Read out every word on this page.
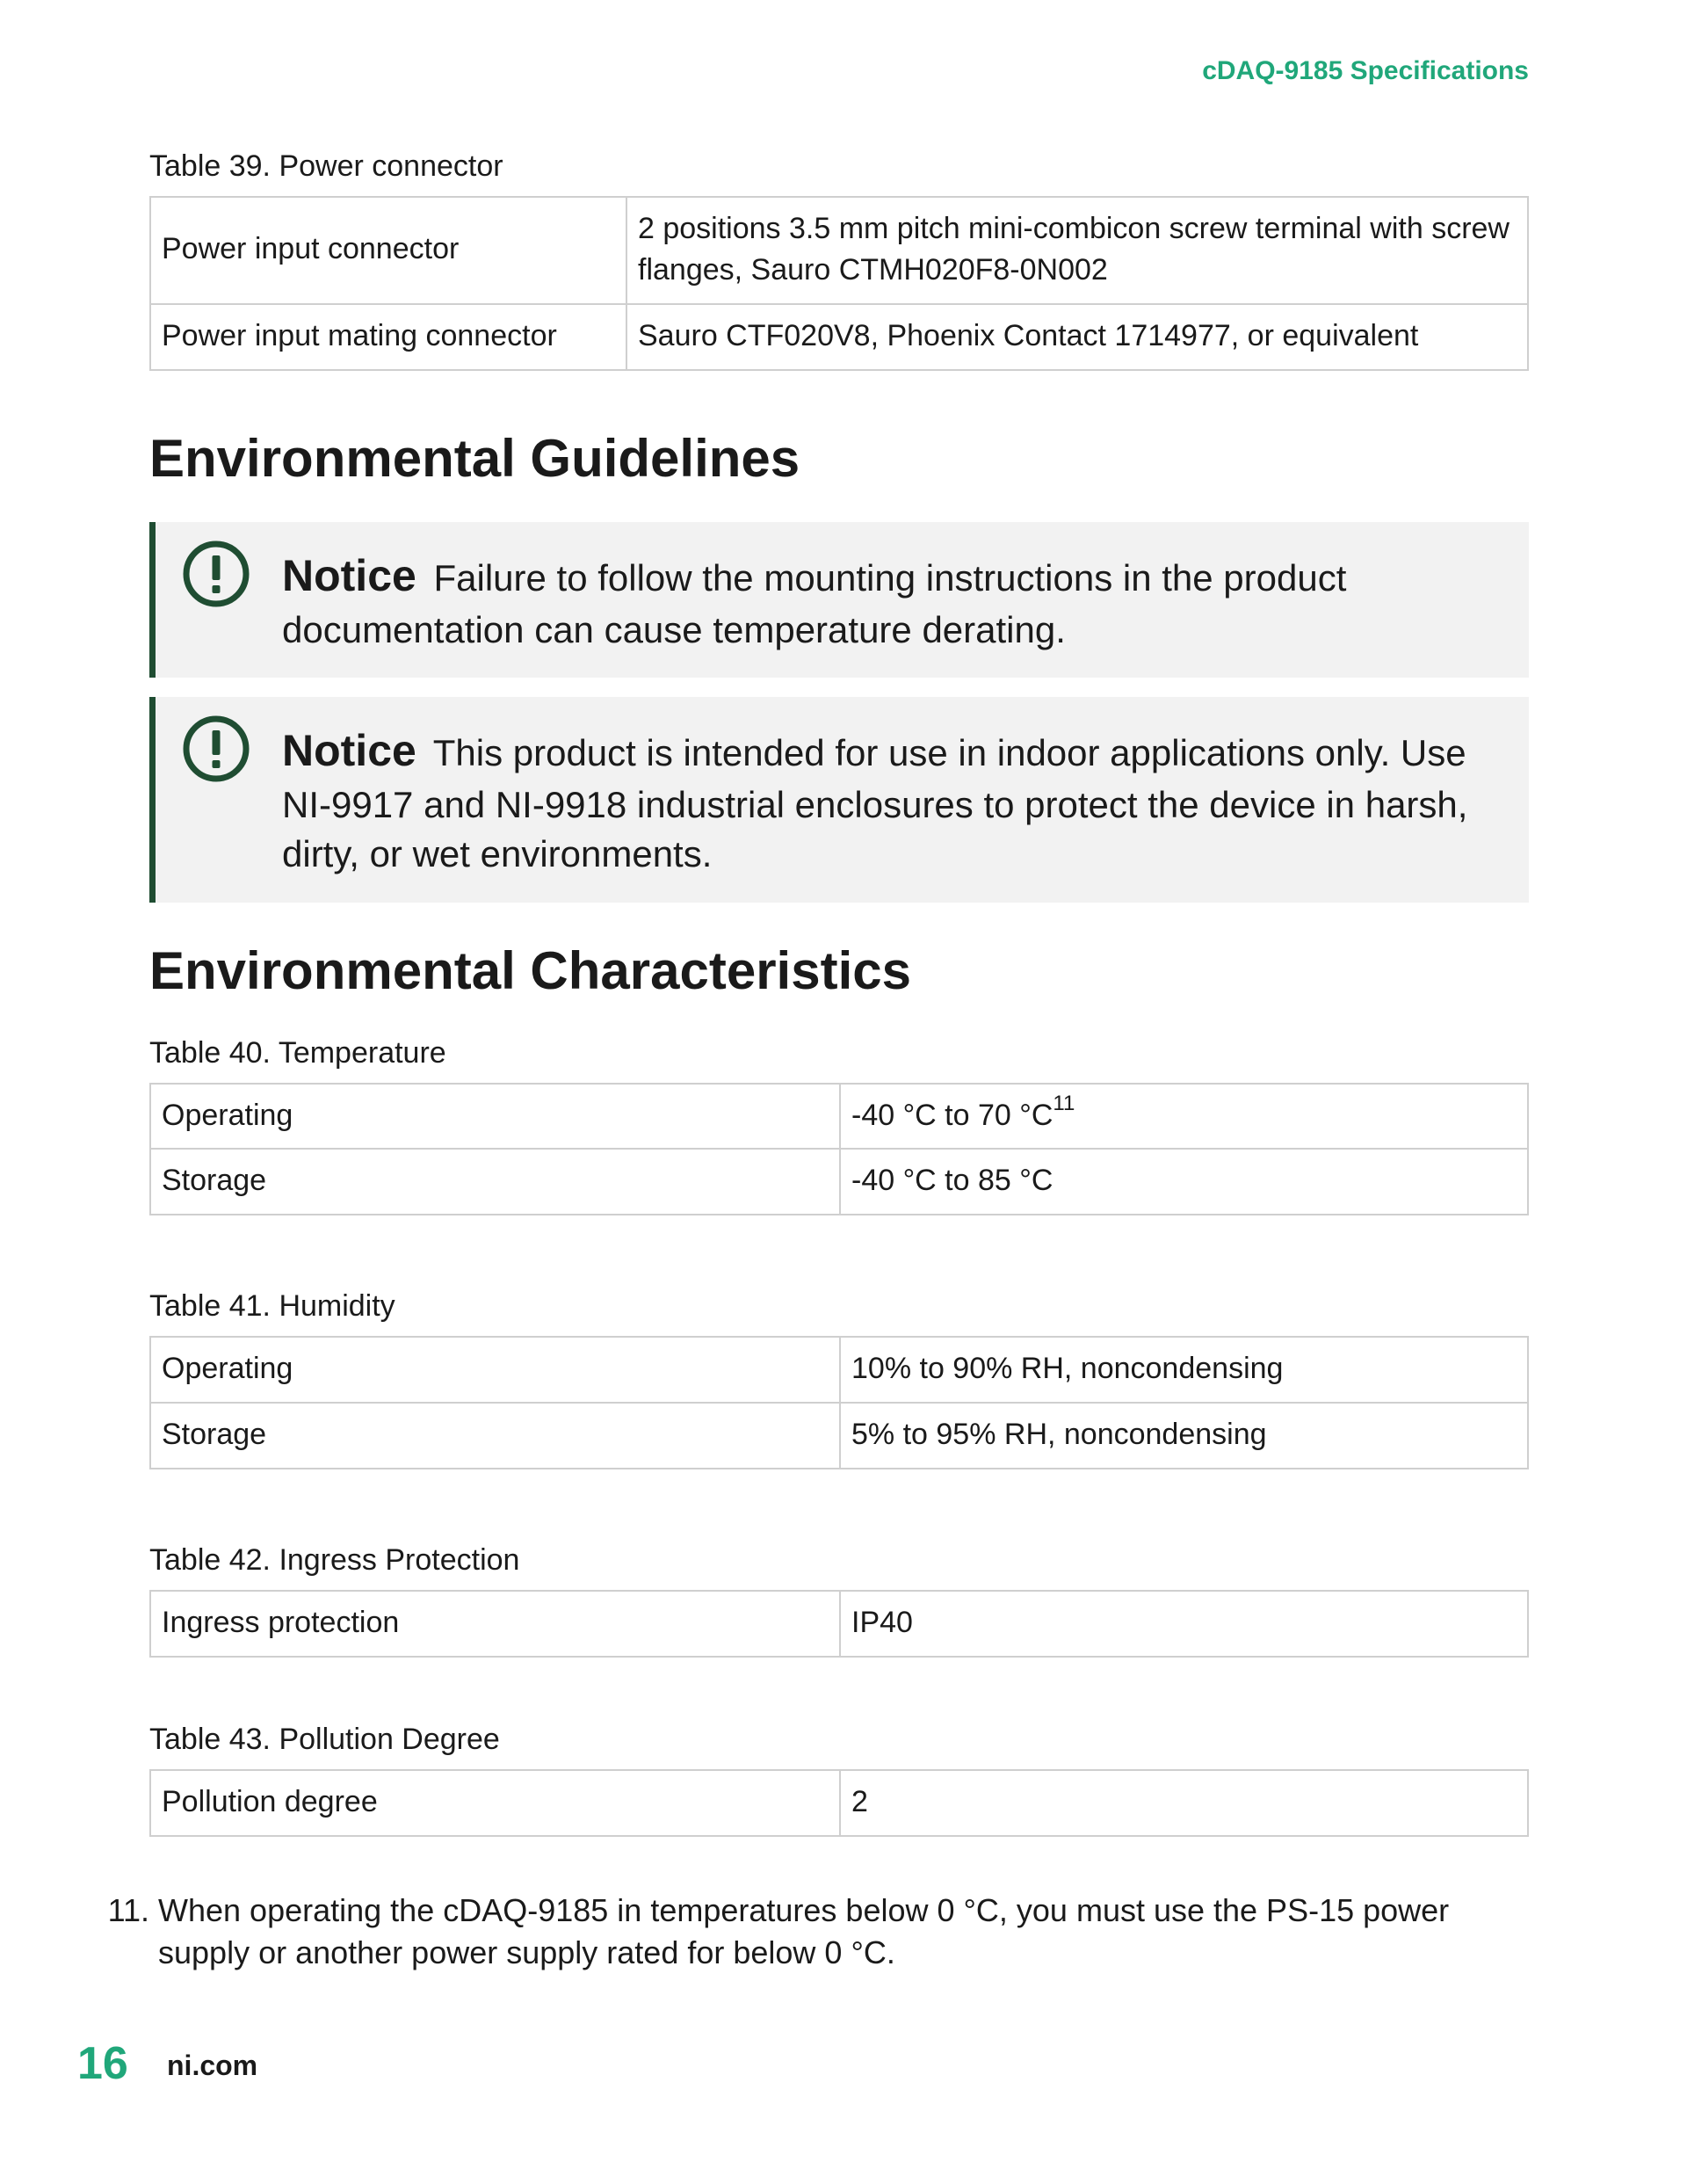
cDAQ-9185 Specifications
Table 39. Power connector
Power input connector	2 positions 3.5 mm pitch mini-combicon screw terminal with screw flanges, Sauro CTMH020F8-0N002
Power input mating connector	Sauro CTF020V8, Phoenix Contact 1714977, or equivalent
Environmental Guidelines
Notice Failure to follow the mounting instructions in the product documentation can cause temperature derating.
Notice This product is intended for use in indoor applications only. Use NI-9917 and NI-9918 industrial enclosures to protect the device in harsh, dirty, or wet environments.
Environmental Characteristics
Table 40. Temperature
Operating	-40 °C to 70 $^\circ C^{11}$
Storage	-40 °C to 85 °C
Table 41. Humidity
Operating	10% to 90% RH, noncondensing
Storage	5% to 95% RH, noncondensing
Table 42. Ingress Protection
Ingress protection	IP40
Table 43. Pollution Degree
Pollution degree	2
11. When operating the cDAQ-9185 in temperatures below 0 °C, you must use the PS-15 power supply or another power supply rated for below 0 °C.
16 ni.com
